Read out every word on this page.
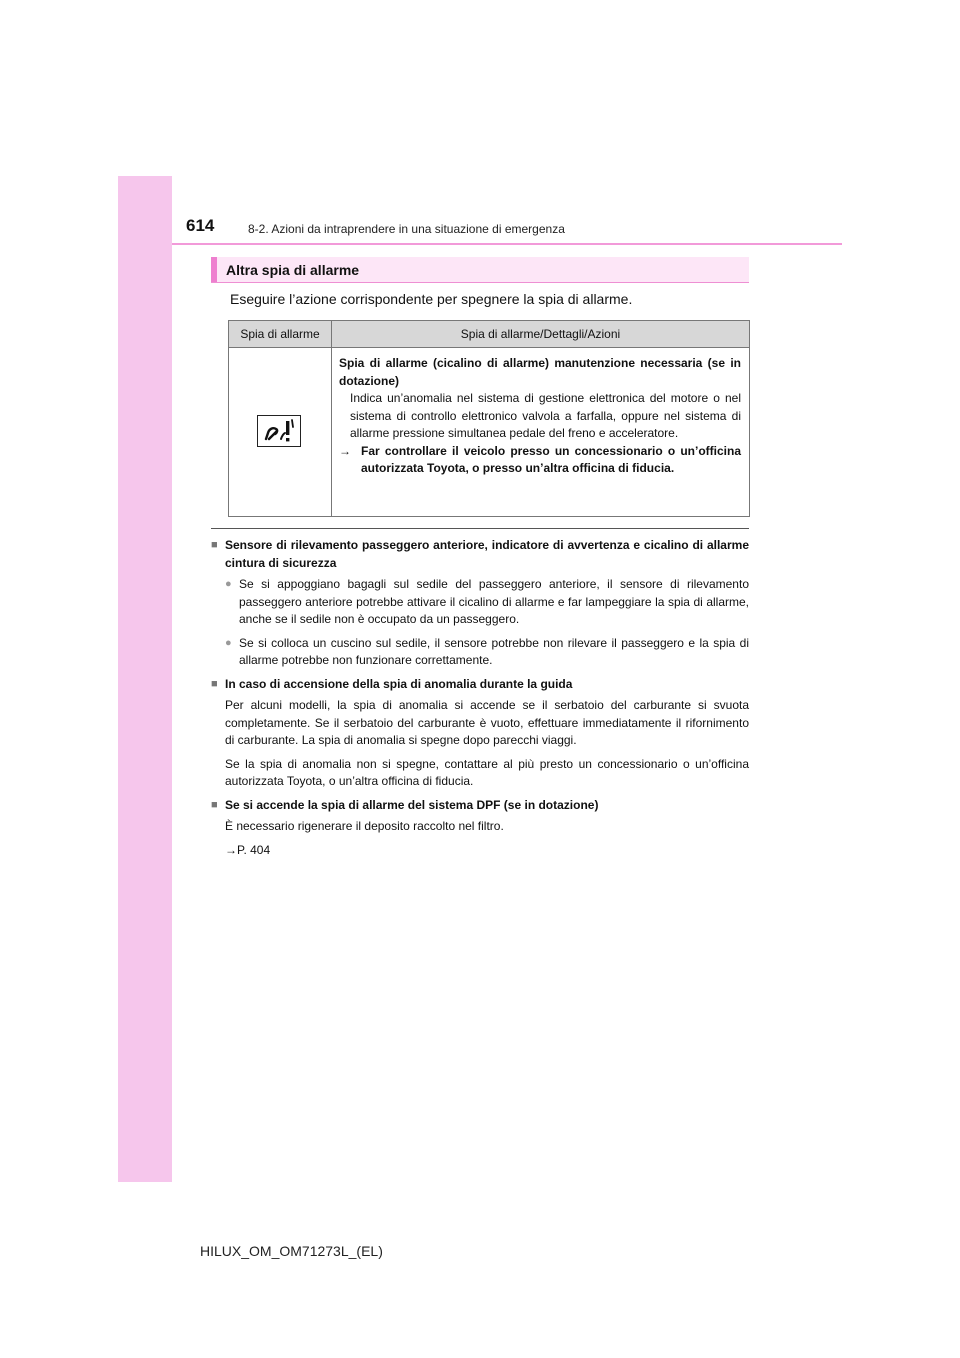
614	8-2. Azioni da intraprendere in una situazione di emergenza
Altra spia di allarme
Eseguire l’azione corrispondente per spegnere la spia di allarme.
Spia di allarme	Spia di allarme/Dettagli/Azioni

Spia di allarme (cicalino di allarme) manutenzione necessaria (se in dotazione)
Indica un’anomalia nel sistema di gestione elettronica del motore o nel sistema di controllo elettronico valvola a farfalla, oppure nel sistema di allarme pressione simultanea pedale del freno e acceleratore.
→ Far controllare il veicolo presso un concessionario o un’officina autorizzata Toyota, o presso un’altra officina di fiducia.
■ Sensore di rilevamento passeggero anteriore, indicatore di avvertenza e cicalino di allarme cintura di sicurezza
● Se si appoggiano bagagli sul sedile del passeggero anteriore, il sensore di rilevamento passeggero anteriore potrebbe attivare il cicalino di allarme e far lampeggiare la spia di allarme, anche se il sedile non è occupato da un passeggero.
● Se si colloca un cuscino sul sedile, il sensore potrebbe non rilevare il passeggero e la spia di allarme potrebbe non funzionare correttamente.
■ In caso di accensione della spia di anomalia durante la guida
Per alcuni modelli, la spia di anomalia si accende se il serbatoio del carburante si svuota completamente. Se il serbatoio del carburante è vuoto, effettuare immediatamente il rifornimento di carburante. La spia di anomalia si spegne dopo parecchi viaggi.
Se la spia di anomalia non si spegne, contattare al più presto un concessionario o un’officina autorizzata Toyota, o un’altra officina di fiducia.
■ Se si accende la spia di allarme del sistema DPF (se in dotazione)
È necessario rigenerare il deposito raccolto nel filtro.
→P. 404
HILUX_OM_OM71273L_(EL)
